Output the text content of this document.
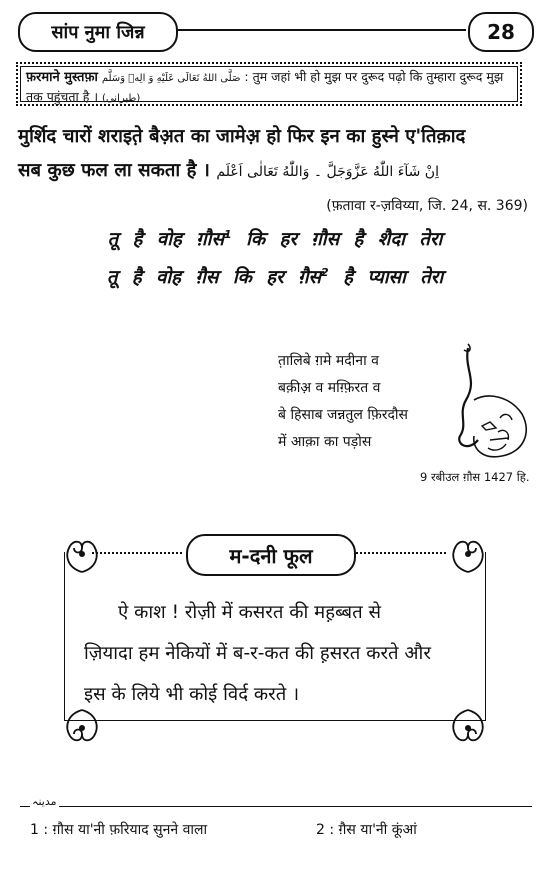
सांप नुमा जिन्न	28
फ़रमाने मुस्तफ़ा صَلَّى اللهُ تَعَالَى عَلَيْهِ وَ الِهٖ وَسَلَّم : तुम जहां भी हो मुझ पर दुरूद पढ़ो कि तुम्हारा दुरूद मुझ तक पहुंचता है । (طبرانی)
मुर्शिद चारों शराइत़े बैअ़त का जामेअ़ हो फिर इन का हुस्ने ए'तिक़ाद
सब कुछ फल ला सकता है । اِنْ شَآءَ اللّٰهُ عَزَّوَجَلَّ ۔ وَاللّٰهُ تَعَالٰی اَعْلَم
(फ़तावा र-ज़विय्या, जि. 24, स. 369)
तू है वोह ग़ौस$^1$ कि हर ग़ौस है शैदा तेरा
तू है वोह ग़ैस कि हर ग़ैस$^2$ है प्यासा तेरा
त़ालिबे ग़मे मदीना व
बक़ीअ़ व मग़्फ़िरत व
बे हिसाब जन्नतुल फ़िरदौस
में आक़ा का पड़ोस
9 रबीउल ग़ौस 1427 हि.
म-दनी फूल
ऐ काश ! रोज़ी में कसरत की मह़ब्बत से
ज़ियादा हम नेकियों में ब-र-कत की ह़सरत करते और
इस के लिये भी कोई विर्द करते ।
مدینہ
1 : ग़ौस या'नी फ़रियाद सुनने वाला	2 : ग़ैस या'नी कूंआं
